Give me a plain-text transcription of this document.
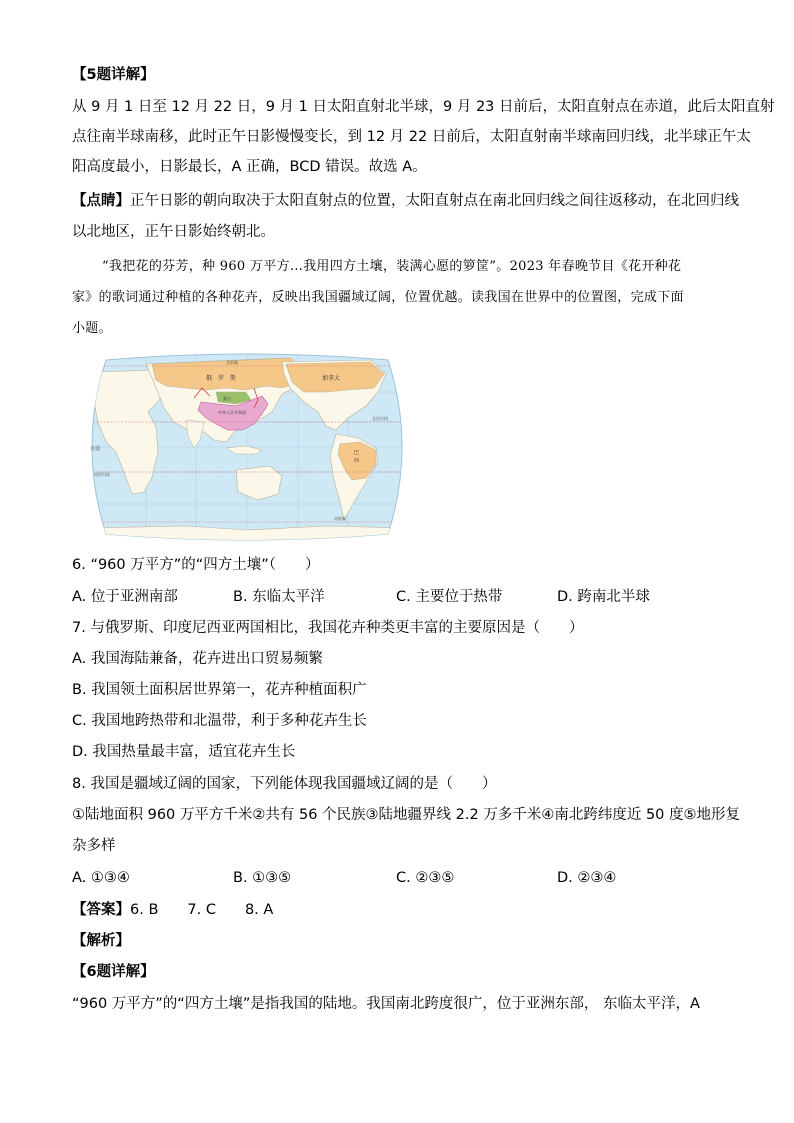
【5题详解】
从 9 月 1 日至 12 月 22 日，9 月 1 日太阳直射北半球，9 月 23 日前后，太阳直射点在赤道，此后太阳直射
点往南半球南移，此时正午日影慢慢变长，到 12 月 22 日前后，太阳直射南半球南回归线，北半球正午太
阳高度最小，日影最长，A 正确，BCD 错误。故选 A。
【点睛】正午日影的朝向取决于太阳直射点的位置，太阳直射点在南北回归线之间往返移动，在北回归线
以北地区，正午日影始终朝北。
“我把花的芬芳，种 960 万平方…我用四方土壤，装满心愿的箩筐”。2023 年春晚节目《花开种花
家》的歌词通过种植的各种花卉，反映出我国疆域辽阔，位置优越。读我国在世界中的位置图，完成下面
小题。
俄　罗　斯	加拿大
中华人民共和国
蒙古
巴
西
赤道
北回归线
南回归线
北极圈
南极圈
6. “960 万平方”的“四方土壤”（　　）
A. 位于亚洲南部	B. 东临太平洋	C. 主要位于热带	D. 跨南北半球
7. 与俄罗斯、印度尼西亚两国相比，我国花卉种类更丰富的主要原因是（　　）
A. 我国海陆兼备，花卉进出口贸易频繁
B. 我国领土面积居世界第一，花卉种植面积广
C. 我国地跨热带和北温带，利于多种花卉生长
D. 我国热量最丰富，适宜花卉生长
8. 我国是疆域辽阔的国家，下列能体现我国疆域辽阔的是（　　）
①陆地面积 960 万平方千米②共有 56 个民族③陆地疆界线 2.2 万多千米④南北跨纬度近 50 度⑤地形复
杂多样
A. ①③④	B. ①③⑤	C. ②③⑤	D. ②③④
【答案】6. B　　7. C　　8. A
【解析】
【6题详解】
“960 万平方”的“四方土壤”是指我国的陆地。我国南北跨度很广，位于亚洲东部， 东临太平洋，A
